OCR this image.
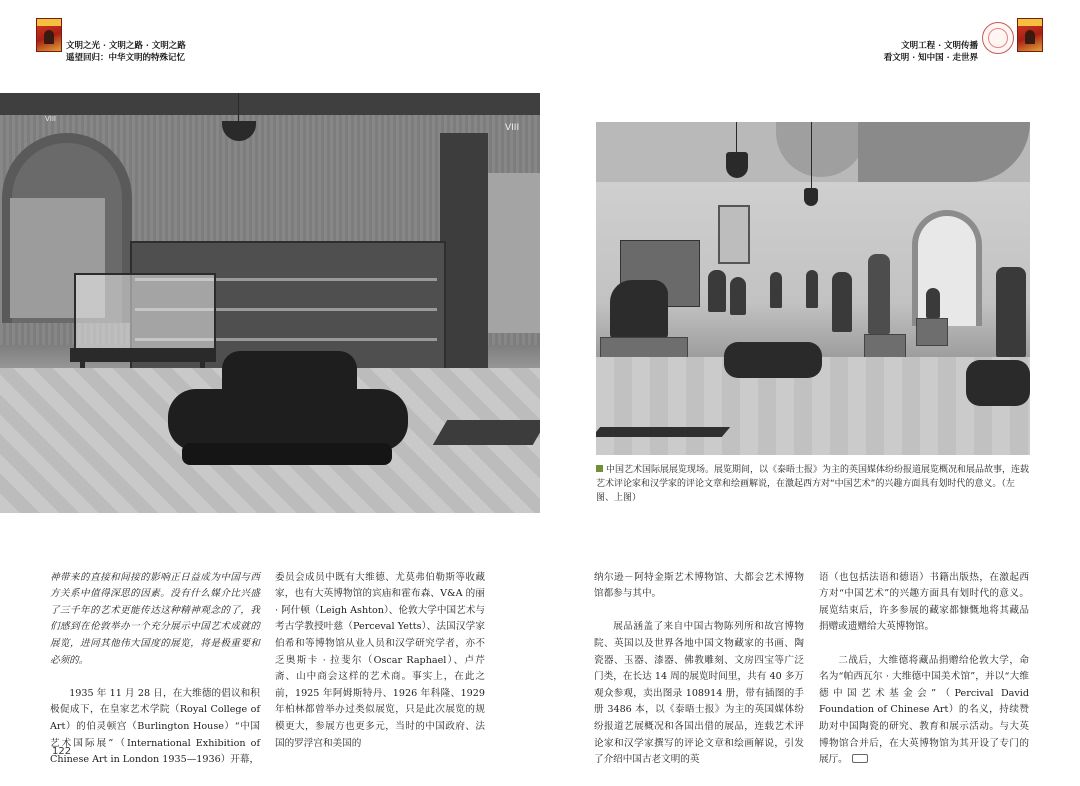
文明之光 · 文明之路 · 文明之路
遥望回归：中华文明的特殊记忆
文明工程 · 文明传播
看文明 · 知中国 · 走世界
VIII
VIII
中国艺术国际展展览现场。展览期间，以《泰晤士报》为主的英国媒体纷纷报道展览概况和展品故事，连载艺术评论家和汉学家的评论文章和绘画解说，在激起西方对“中国艺术”的兴趣方面具有划时代的意义。（左图、上图）

神带来的直接和间接的影响正日益成为中国与西方关系中值得深思的因素。没有什么媒介比兴盛了三千年的艺术更能传达这种精神观念的了，我们感到在伦敦举办一个充分展示中国艺术成就的展览，进同其他伟大国度的展览，将是极重要和必须的。

1935 年 11 月 28 日，在大维德的倡议和积极促成下，在皇家艺术学院（Royal College of Art）的伯灵顿宫（Burlington House）“中国艺术国际展”（International Exhibition of Chinese Art in London 1935—1936）开幕，

委员会成员中既有大维德、尤莫弗伯勒斯等收藏家，也有大英博物馆的宾庙和霍布森、V&A 的丽 · 阿什顿（Leigh Ashton）、伦敦大学中国艺术与考古学教授叶慈（Perceval Yetts）、法国汉学家伯希和等博物馆从业人员和汉学研究学者，亦不乏奥斯卡 · 拉斐尔（Oscar Raphael）、卢芹斋、山中商会这样的艺术商。事实上，在此之前，1925 年阿姆斯特丹、1926 年科隆、1929 年柏林都曾举办过类似展览，只是此次展览的规模更大，参展方也更多元，当时的中国政府、法国的罗浮宫和美国的

纳尔逊－阿特金斯艺术博物馆、大都会艺术博物馆都参与其中。

展品涵盖了来自中国古物陈列所和故宫博物院、英国以及世界各地中国文物藏家的书画、陶瓷器、玉器、漆器、佛教雕刻、文房四宝等广泛门类，在长达 14 周的展览时间里，共有 40 多万观众参观，卖出图录 108914 册，带有插图的手册 3486 本，以《泰晤士报》为主的英国媒体纷纷报道艺展概况和各国出借的展品，连载艺术评论家和汉学家撰写的评论文章和绘画解说，引发了介绍中国古老文明的英

语（也包括法语和德语）书籍出版热，在激起西方对“中国艺术”的兴趣方面具有划时代的意义。展览结束后，许多参展的藏家都慷慨地将其藏品捐赠或遗赠给大英博物馆。

二战后，大维德将藏品捐赠给伦敦大学，命名为“帕西瓦尔 · 大维德中国美术馆”，并以“大维德中国艺术基金会”（Percival David Foundation of Chinese Art）的名义，持续赞助对中国陶瓷的研究、教育和展示活动。与大英博物馆合并后，在大英博物馆为其开设了专门的展厅。

122
